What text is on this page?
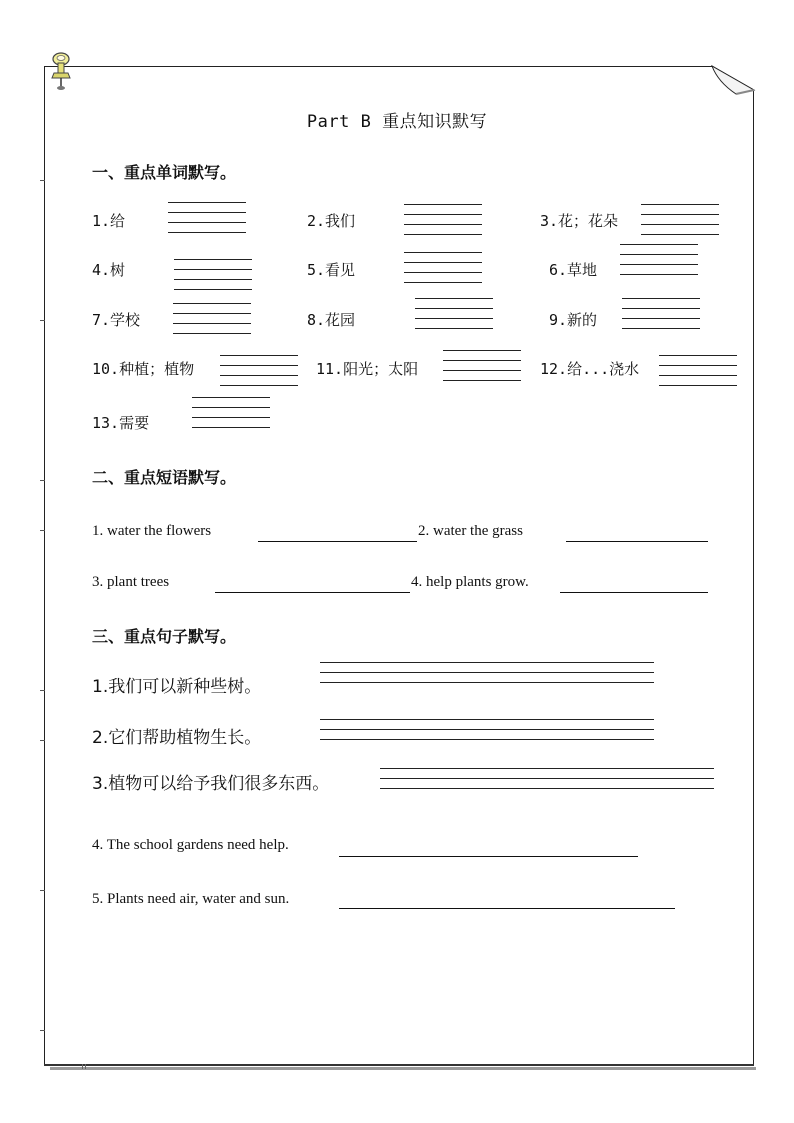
Part B 重点知识默写
一、重点单词默写。
1.给	2.我们	3.花；花朵
4.树	5.看见	6.草地
7.学校	8.花园	9.新的
10.种植；植物	11.阳光；太阳	12.给...浇水
13.需要
二、重点短语默写。
1. water the flowers	2. water the grass
3. plant trees	4. help plants grow.
三、重点句子默写。
1.我们可以新种些树。
2.它们帮助植物生长。
3.植物可以给予我们很多东西。
4. The school gardens need help.
5. Plants need air, water and sun.
